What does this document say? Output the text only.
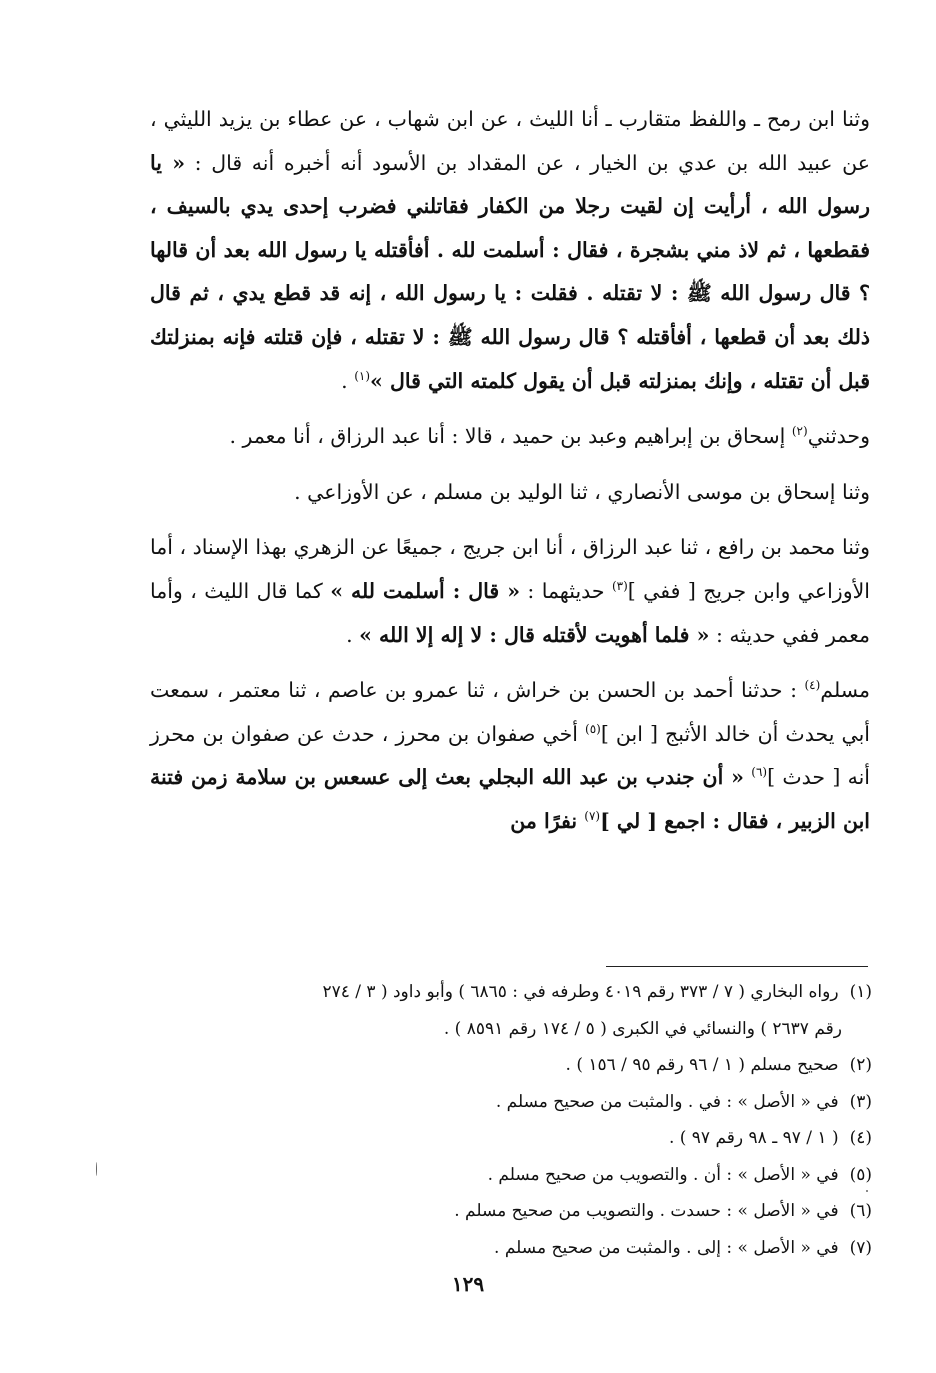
وثنا ابن رمح ـ واللفظ متقارب ـ أنا الليث ، عن ابن شهاب ، عن عطاء بن يزيد الليثي ، عن عبيد الله بن عدي بن الخيار ، عن المقداد بن الأسود أنه أخبره أنه قال : « يا رسول الله ، أرأيت إن لقيت رجلا من الكفار فقاتلني فضرب إحدى يدي بالسيف ، فقطعها ، ثم لاذ مني بشجرة ، فقال : أسلمت لله . أفأقتله يا رسول الله بعد أن قالها ؟ قال رسول الله ﷺ : لا تقتله . فقلت : يا رسول الله ، إنه قد قطع يدي ، ثم قال ذلك بعد أن قطعها ، أفأقتله ؟ قال رسول الله ﷺ : لا تقتله ، فإن قتلته فإنه بمنزلتك قبل أن تقتله ، وإنك بمنزلته قبل أن يقول كلمته التي قال »$^{(١)}$ .

وحدثني$^{(٢)}$ إسحاق بن إبراهيم وعبد بن حميد ، قالا : أنا عبد الرزاق ، أنا معمر .

وثنا إسحاق بن موسى الأنصاري ، ثنا الوليد بن مسلم ، عن الأوزاعي .

وثنا محمد بن رافع ، ثنا عبد الرزاق ، أنا ابن جريج ، جميعًا عن الزهري بهذا الإسناد ، أما الأوزاعي وابن جريج [ ففي ]$^{(٣)}$ حديثهما : « قال : أسلمت لله » كما قال الليث ، وأما معمر ففي حديثه : « فلما أهويت لأقتله قال : لا إله إلا الله » .

مسلم$^{(٤)}$ : حدثنا أحمد بن الحسن بن خراش ، ثنا عمرو بن عاصم ، ثنا معتمر ، سمعت أبي يحدث أن خالد الأثبج [ ابن ]$^{(٥)}$ أخي صفوان بن محرز ، حدث عن صفوان بن محرز أنه [ حدث ]$^{(٦)}$ « أن جندب بن عبد الله البجلي بعث إلى عسعس بن سلامة زمن فتنة ابن الزبير ، فقال : اجمع [ لي ]$^{(٧)}$ نفرًا من

(١) رواه البخاري ( ٧ / ٣٧٣ رقم ٤٠١٩ وطرفه في : ٦٨٦٥ ) وأبو داود ( ٣ / ٢٧٤

رقم ٢٦٣٧ ) والنسائي في الكبرى ( ٥ / ١٧٤ رقم ٨٥٩١ ) .

(٢) صحيح مسلم ( ١ / ٩٦ رقم ٩٥ / ١٥٦ ) .

(٣) في « الأصل » : في . والمثبت من صحيح مسلم .

(٤) ( ١ / ٩٧ ـ ٩٨ رقم ٩٧ ) .

(٥) في « الأصل » : أن . والتصويب من صحيح مسلم .

(٦) في « الأصل » : حسدت . والتصويب من صحيح مسلم .

(٧) في « الأصل » : إلى . والمثبت من صحيح مسلم .

١٢٩
